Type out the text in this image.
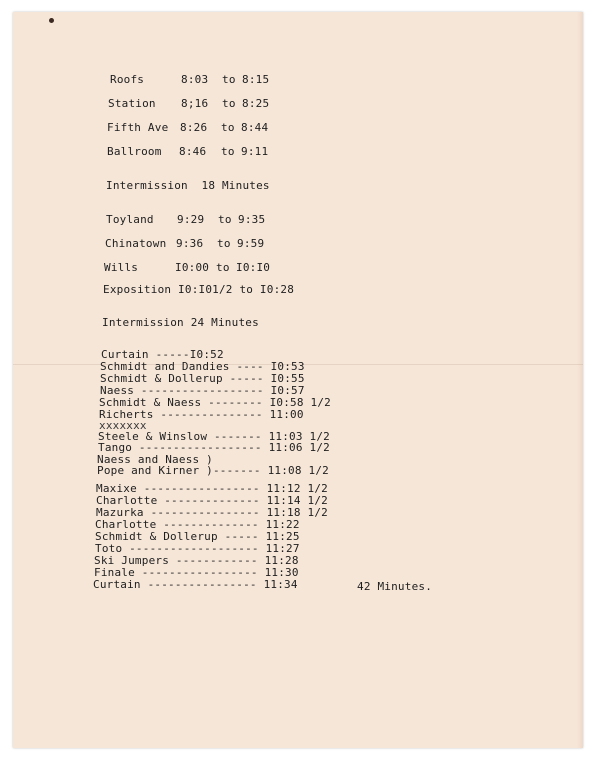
Roofs	8:03 to 8:15
Station 8;16 to 8:25
Fifth Ave 8:26 to 8:44
Ballroom 8:46 to 9:11
Intermission  18 Minutes
Toyland 9:29 to 9:35
Chinatown 9:36 to 9:59
Wills	I0:00 to I0:I0
Exposition I0:I01/2 to I0:28
Intermission 24 Minutes
Curtain -----I0:52
Schmidt and Dandies ---- I0:53
Schmidt & Dollerup ----- I0:55
Naess ------------------ I0:57
Schmidt & Naess -------- I0:58 1/2
Richerts --------------- 11:00
xxxxxxx
Steele & Winslow ------- 11:03 1/2
Tango ------------------ 11:06 1/2
Naess and Naess )
Pope and Kirner )------- 11:08 1/2
Maxixe ----------------- 11:12 1/2
Charlotte -------------- 11:14 1/2
Mazurka ---------------- 11:18 1/2
Charlotte -------------- 11:22
Schmidt & Dollerup ----- 11:25
Toto ------------------- 11:27
Ski Jumpers ------------ 11:28
Finale ----------------- 11:30
Curtain ---------------- 11:34	42 Minutes.
